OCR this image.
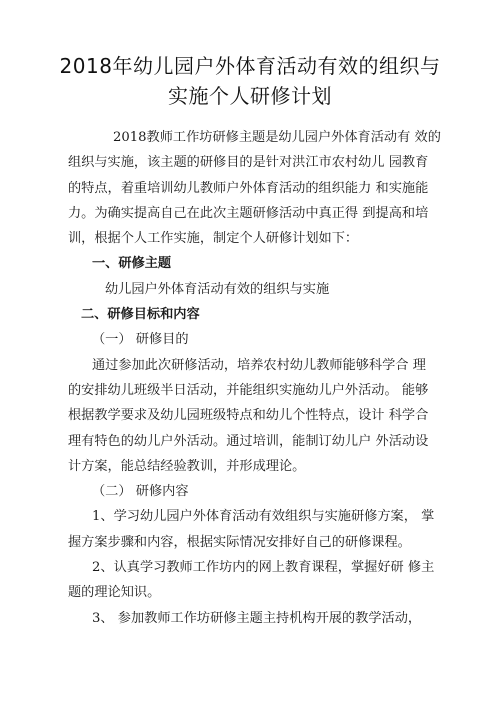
2018年幼儿园户外体育活动有效的组织与
实施个人研修计划

2018教师工作坊研修主题是幼儿园户外体育活动有 效的

组织与实施，该主题的研修目的是针对洪江市农村幼儿 园教育

的特点，着重培训幼儿教师户外体育活动的组织能力 和实施能

力。为确实提高自己在此次主题研修活动中真正得 到提高和培

训，根据个人工作实施，制定个人研修计划如下：

一、研修主题

幼儿园户外体育活动有效的组织与实施

二、研修目标和内容

（一） 研修目的

通过参加此次研修活动，培养农村幼儿教师能够科学合 理

的安排幼儿班级半日活动，并能组织实施幼儿户外活动。 能够

根据教学要求及幼儿园班级特点和幼儿个性特点，设计 科学合

理有特色的幼儿户外活动。通过培训，能制订幼儿户 外活动设

计方案，能总结经验教训，并形成理论。

（二） 研修内容

1、学习幼儿园户外体育活动有效组织与实施研修方案， 掌

握方案步骤和内容，根据实际情况安排好自己的研修课程。

2、认真学习教师工作坊内的网上教育课程，掌握好研 修主

题的理论知识。

3、 参加教师工作坊研修主题主持机构开展的教学活动，
